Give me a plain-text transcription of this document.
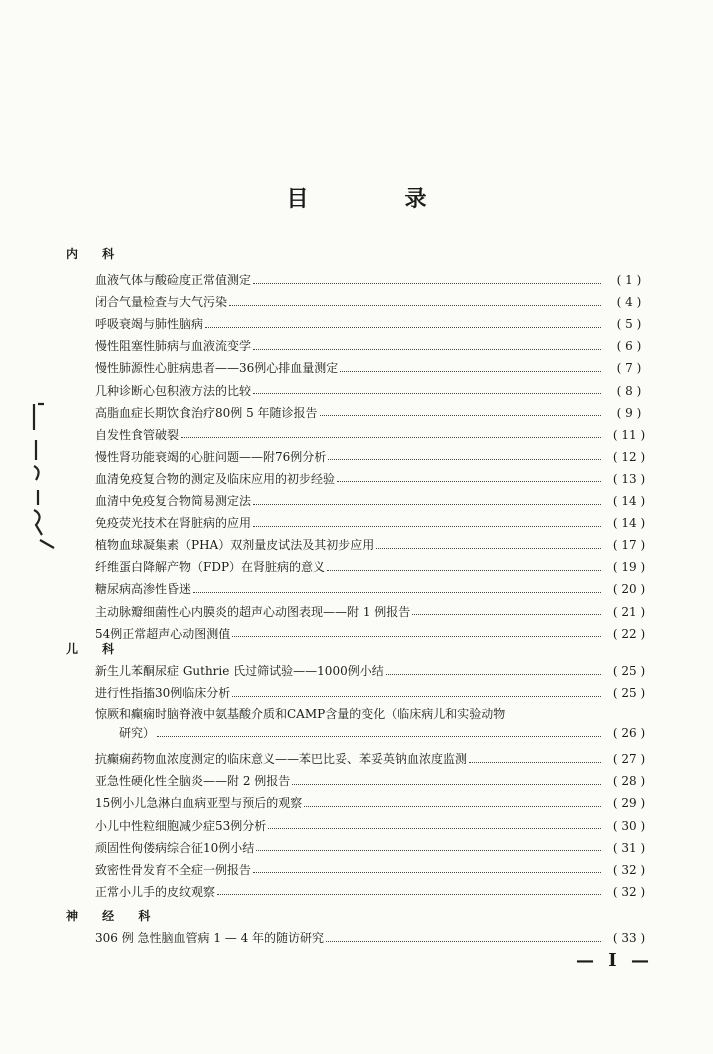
目	录
内 科
血液气体与酸硷度正常值测定	( 1 )
闭合气量检查与大气污染	( 4 )
呼吸衰竭与肺性脑病	( 5 )
慢性阻塞性肺病与血液流变学	( 6 )
慢性肺源性心脏病患者——36例心排血量测定	( 7 )
几种诊断心包积液方法的比较	( 8 )
高脂血症长期饮食治疗80例 5 年随诊报告	( 9 )
自发性食管破裂	( 11 )
慢性肾功能衰竭的心脏问题——附76例分析	( 12 )
血清免疫复合物的测定及临床应用的初步经验	( 13 )
血清中免疫复合物简易测定法	( 14 )
免疫荧光技术在肾脏病的应用	( 14 )
植物血球凝集素（PHA）双剂量皮试法及其初步应用	( 17 )
纤维蛋白降解产物（FDP）在肾脏病的意义	( 19 )
糖尿病高渗性昏迷	( 20 )
主动脉瓣细菌性心内膜炎的超声心动图表现——附 1 例报告	( 21 )
54例正常超声心动图测值	( 22 )
儿 科
新生儿苯酮尿症 Guthrie 氏过筛试验——1000例小结	( 25 )
进行性指搐30例临床分析	( 25 )
惊厥和癫痫时脑脊液中氨基酸介质和CAMP含量的变化（临床病儿和实验动物
研究）	( 26 )
抗癫痫药物血浓度测定的临床意义——苯巴比妥、苯妥英钠血浓度监测	( 27 )
亚急性硬化性全脑炎——附 2 例报告	( 28 )
15例小儿急淋白血病亚型与预后的观察	( 29 )
小儿中性粒细胞减少症53例分析	( 30 )
顽固性佝偻病综合征10例小结	( 31 )
致密性骨发育不全症一例报告	( 32 )
正常小儿手的皮纹观察	( 32 )
神 经 科
306 例 急性脑血管病 1 — 4 年的随访研究	( 33 )
— I —
